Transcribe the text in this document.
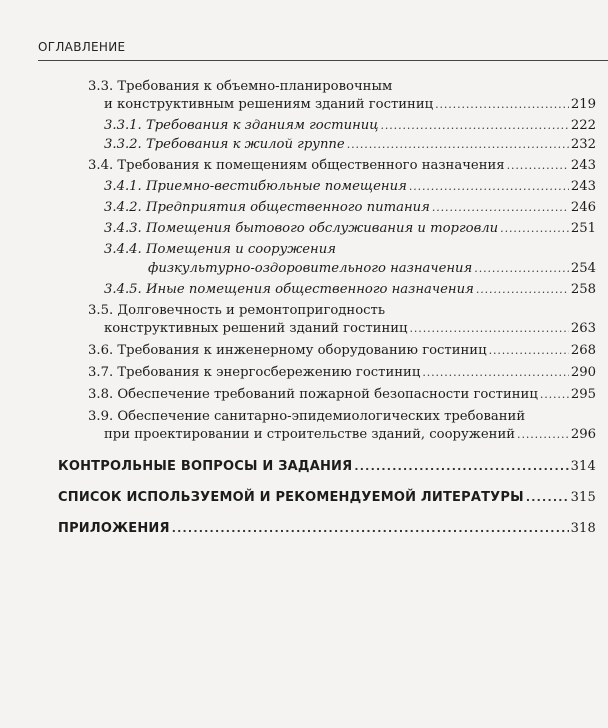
ОГЛАВЛЕНИЕ
3.3. Требования к объемно-планировочным
и конструктивным решениям зданий гостиниц . . .	219
3.3.1. Требования к зданиям гостиниц . . .	222
3.3.2. Требования к жилой группе . . .	232
3.4. Требования к помещениям общественного назначения . . .	243
3.4.1. Приемно-вестибюльные помещения . . .	243
3.4.2. Предприятия общественного питания . . .	246
3.4.3. Помещения бытового обслуживания и торговли . . .	251
3.4.4. Помещения и сооружения
физкультурно-оздоровительного назначения . . .	254
3.4.5. Иные помещения общественного назначения . . .	258
3.5. Долговечность и ремонтопригодность
конструктивных решений зданий гостиниц . . .	263
3.6. Требования к инженерному оборудованию гостиниц . . .	268
3.7. Требования к энергосбережению гостиниц . . .	290
3.8. Обеспечение требований пожарной безопасности гостиниц . . .	295
3.9. Обеспечение санитарно-эпидемиологических требований
при проектировании и строительстве зданий, сооружений . . .	296
КОНТРОЛЬНЫЕ ВОПРОСЫ И ЗАДАНИЯ . . .	314
СПИСОК ИСПОЛЬЗУЕМОЙ И РЕКОМЕНДУЕМОЙ ЛИТЕРАТУРЫ . . .	315
ПРИЛОЖЕНИЯ . . .	318
